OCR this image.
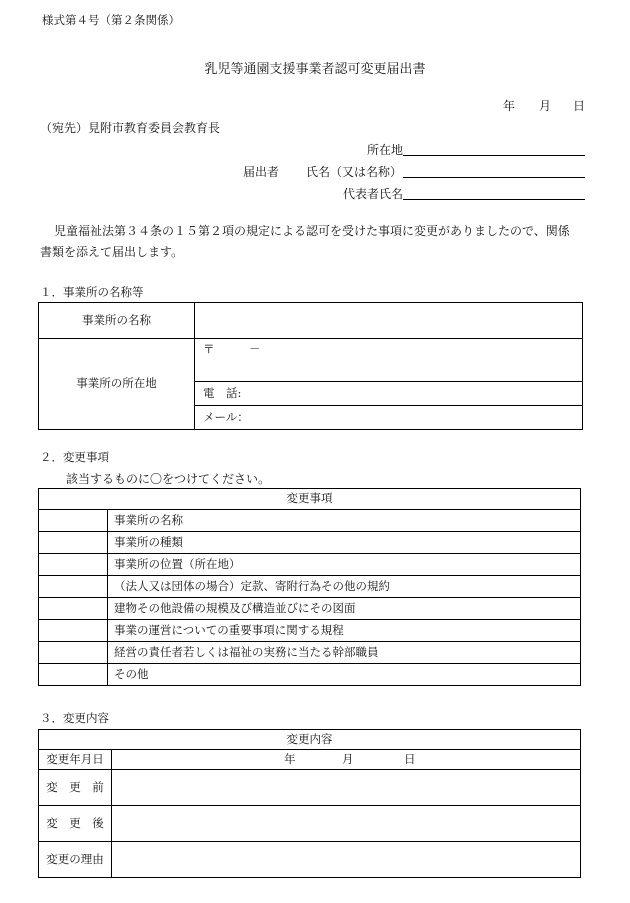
様式第４号（第２条関係）
乳児等通園支援事業者認可変更届出書
年 月 日
（宛先）見附市教育委員会教育長
所在地
届出者 氏名（又は名称）
代表者氏名
児童福祉法第３４条の１５第２項の規定による認可を受けた事項に変更がありましたので、関係
書類を添えて届出します。
１．事業所の名称等
事業所の名称	
事業所の所在地	〒　　　－
	電　話:
	メール：
２．変更事項
該当するものに〇をつけてください。
変更事項	
	事業所の名称
	事業所の種類
	事業所の位置（所在地）
	（法人又は団体の場合）定款、寄附行為その他の規約
	建物その他設備の規模及び構造並びにその図面
	事業の運営についての重要事項に関する規程
	経営の責任者若しくは福祉の実務に当たる幹部職員
	その他
３．変更内容
変更内容	
変更年月日	年 月 日

変　更　前	
変　更　後	
変更の理由	
